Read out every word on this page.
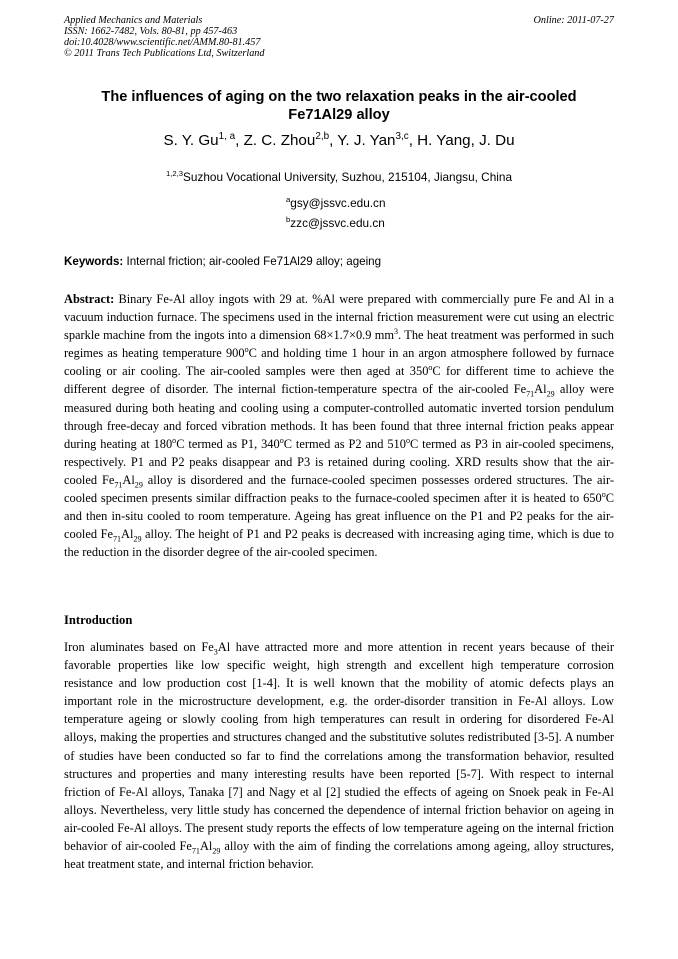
Applied Mechanics and Materials
ISSN: 1662-7482, Vols. 80-81, pp 457-463
doi:10.4028/www.scientific.net/AMM.80-81.457
© 2011 Trans Tech Publications Ltd, Switzerland
Online: 2011-07-27
The influences of aging on the two relaxation peaks in the air-cooled
Fe71Al29 alloy
S. Y. Gu$^{1, a}$, Z. C. Zhou$^{2,b}$, Y. J. Yan$^{3,c}$, H. Yang, J. Du
$^{1,2,3}$Suzhou Vocational University, Suzhou, 215104, Jiangsu, China
$^a$gsy@jssvc.edu.cn
$^b$zzc@jssvc.edu.cn
Keywords: Internal friction; air-cooled Fe71Al29 alloy; ageing
Abstract: Binary Fe-Al alloy ingots with 29 at. %Al were prepared with commercially pure Fe and Al in a vacuum induction furnace. The specimens used in the internal friction measurement were cut using an electric sparkle machine from the ingots into a dimension 68×1.7×0.9 $mm^3$. The heat treatment was performed in such regimes as heating temperature 900$^o$C and holding time 1 hour in an argon atmosphere followed by furnace cooling or air cooling. The air-cooled samples were then aged at 350$^o$C for different time to achieve the different degree of disorder. The internal fiction-temperature spectra of the air-cooled $Fe_{71}Al_{29}$ alloy were measured during both heating and cooling using a computer-controlled automatic inverted torsion pendulum through free-decay and forced vibration methods. It has been found that three internal friction peaks appear during heating at 180$^o$C termed as P1, 340$^o$C termed as P2 and 510$^o$C termed as P3 in air-cooled specimens, respectively. P1 and P2 peaks disappear and P3 is retained during cooling. XRD results show that the air-cooled $Fe_{71}Al_{29}$ alloy is disordered and the furnace-cooled specimen possesses ordered structures. The air-cooled specimen presents similar diffraction peaks to the furnace-cooled specimen after it is heated to 650$^o$C and then in-situ cooled to room temperature. Ageing has great influence on the P1 and P2 peaks for the air-cooled $Fe_{71}Al_{29}$ alloy. The height of P1 and P2 peaks is decreased with increasing aging time, which is due to the reduction in the disorder degree of the air-cooled specimen.
Introduction
Iron aluminates based on $Fe_3Al$ have attracted more and more attention in recent years because of their favorable properties like low specific weight, high strength and excellent high temperature corrosion resistance and low production cost [1-4]. It is well known that the mobility of atomic defects plays an important role in the microstructure development, e.g. the order-disorder transition in Fe-Al alloys. Low temperature ageing or slowly cooling from high temperatures can result in ordering for disordered Fe-Al alloys, making the properties and structures changed and the substitutive solutes redistributed [3-5]. A number of studies have been conducted so far to find the correlations among the transformation behavior, resulted structures and properties and many interesting results have been reported [5-7]. With respect to internal friction of Fe-Al alloys, Tanaka [7] and Nagy et al [2] studied the effects of ageing on Snoek peak in Fe-Al alloys. Nevertheless, very little study has concerned the dependence of internal friction behavior on ageing in air-cooled Fe-Al alloys. The present study reports the effects of low temperature ageing on the internal friction behavior of air-cooled $Fe_{71}Al_{29}$ alloy with the aim of finding the correlations among ageing, alloy structures, heat treatment state, and internal friction behavior.
